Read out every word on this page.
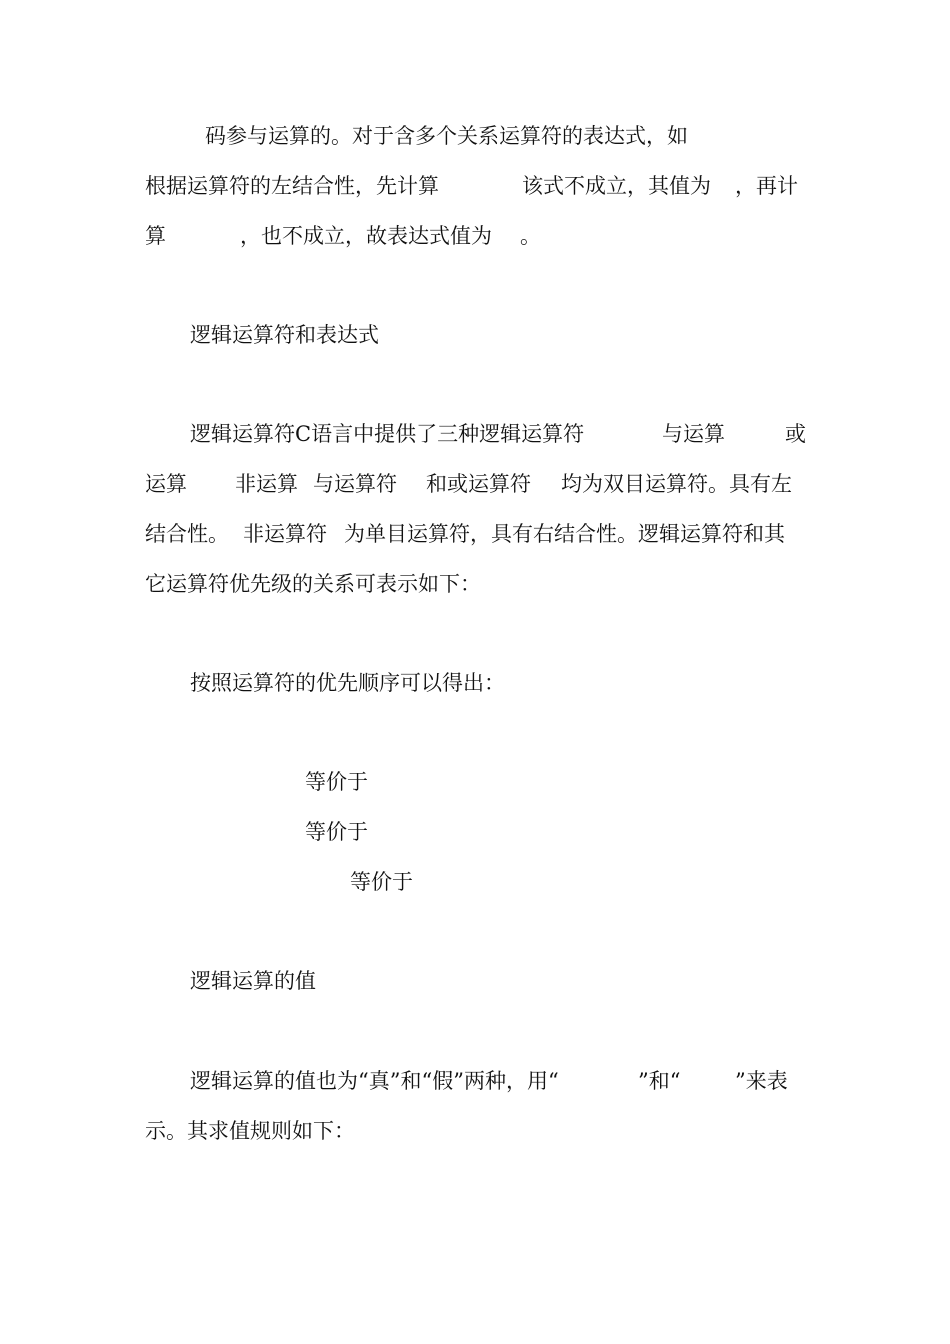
码参与运算的。对于含多个关系运算符的表达式，如
根据运算符的左结合性，先计算	该式不成立，其值为 ，再计
算	，也不成立，故表达式值为 。
逻辑运算符和表达式
逻辑运算符C语言中提供了三种逻辑运算符	与运算	或
运算 非运算 与运算符 和或运算符 均为双目运算符。具有左
结合性。 非运算符 为单目运算符，具有右结合性。逻辑运算符和其
它运算符优先级的关系可表示如下：
按照运算符的优先顺序可以得出：
等价于
等价于
等价于
逻辑运算的值
逻辑运算的值也为“真”和“假”两种，用“	”和“	”来表
示。其求值规则如下：
